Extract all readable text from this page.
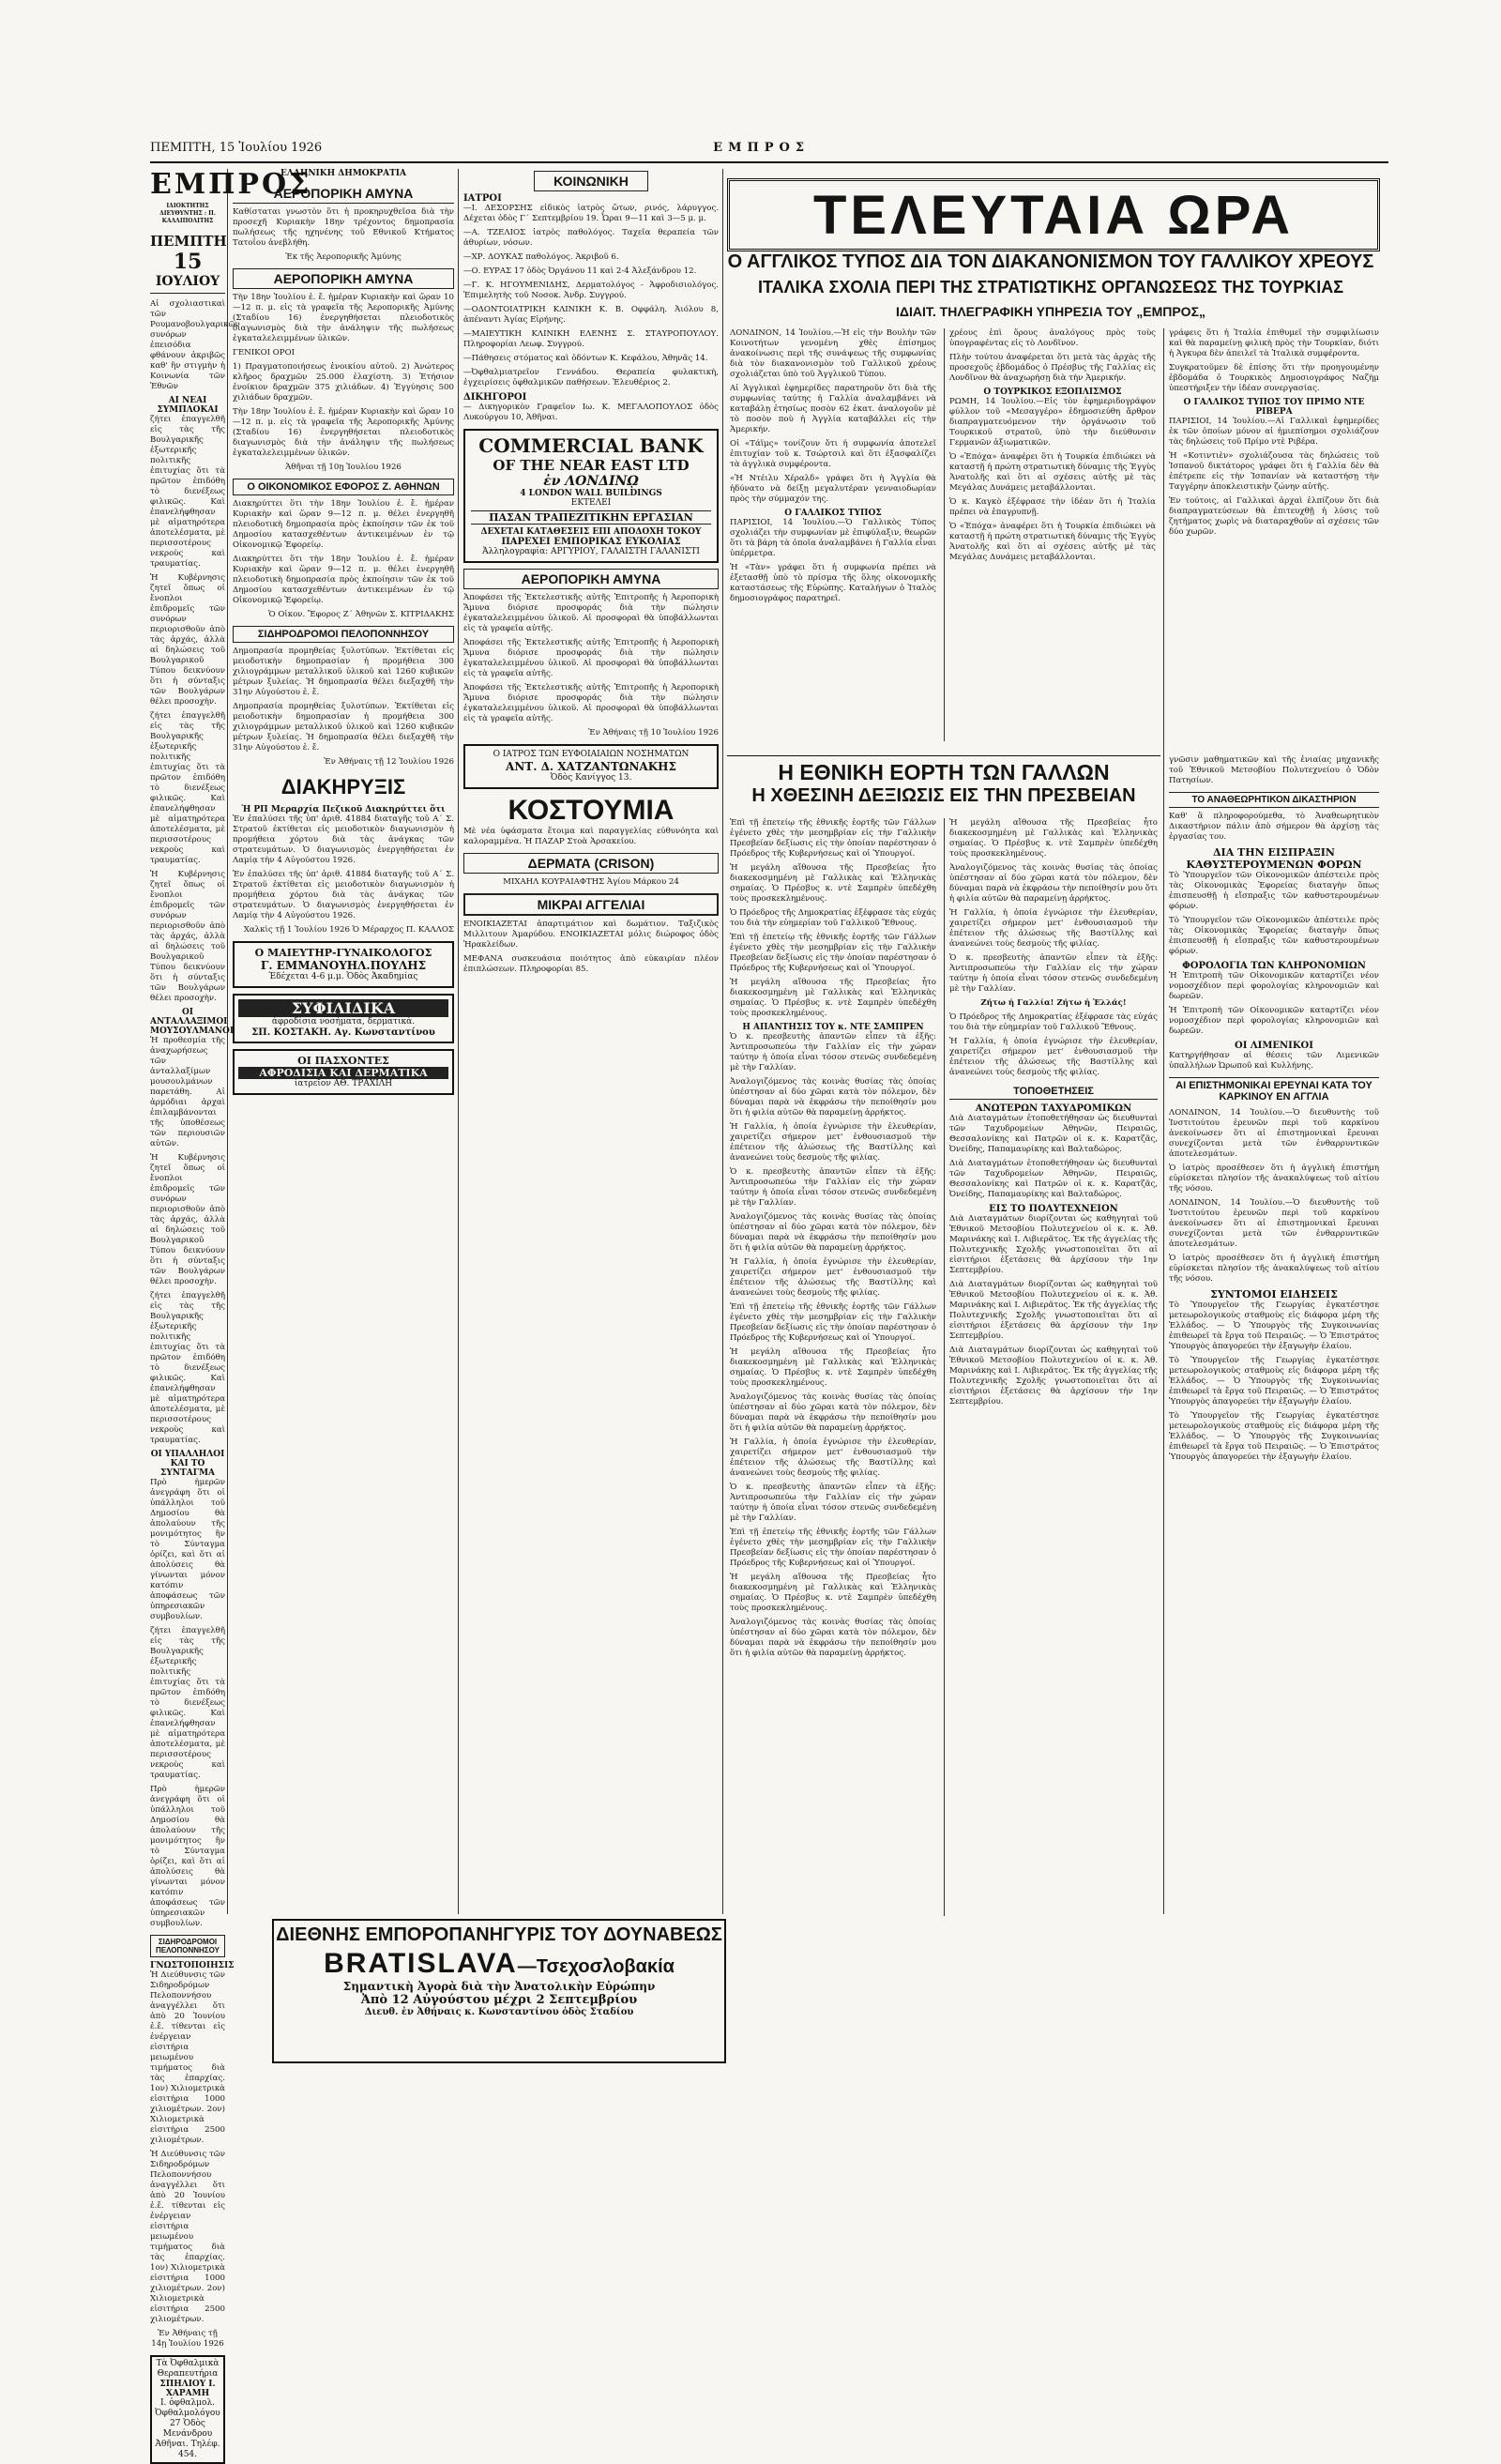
ΠΕΜΠΤΗ, 15 Ἰουλίου 1926	ΕΜΠΡΟΣ
ΕΜΠΡΟΣ
ΙΔΙΟΚΤΗΤΗΣ ΔΙΕΥΘΥΝΤΗΣ : Π. ΚΑΛΛΙΠΟΛΙΤΗΣ
ΠΕΜΠΤΗ
15
ΙΟΥΛΙΟΥ

Αἱ σχολιαστικαὶ τῶν Ρουμανοβουλγαρικῶν συνόρων ἐπεισόδια φθάνουν ἀκριβῶς καθ' ἣν στιγμὴν ἡ Κοινωνία τῶν Ἐθνῶν

ΑΙ ΝΕΑΙ ΣΥΜΠΛΟΚΑΙ

ζήτει ἐπαγγελθῆ εἰς τὰς τῆς Βουλγαρικῆς ἐξωτερικῆς πολιτικῆς ἐπιτυχίας ὅτι τὰ πρῶτον ἐπιδόθη τὸ διενέξεως φιλικῶς. Καὶ ἐπανελήφθησαν μὲ αἱματηρότερα ἀποτελέσματα, μὲ περισσοτέρους νεκροὺς καὶ τραυματίας.

Ἡ Κυβέρνησις ζητεῖ ὅπως οἱ ἔνοπλοι ἐπιδρομεῖς τῶν συνόρων περιορισθοῦν ἀπὸ τὰς ἀρχάς, ἀλλὰ αἱ δηλώσεις τοῦ Βουλγαρικοῦ Τύπου δεικνύουν ὅτι ἡ σύνταξις τῶν Βουλγάρων θέλει προσοχὴν.

ζήτει ἐπαγγελθῆ εἰς τὰς τῆς Βουλγαρικῆς ἐξωτερικῆς πολιτικῆς ἐπιτυχίας ὅτι τὰ πρῶτον ἐπιδόθη τὸ διενέξεως φιλικῶς. Καὶ ἐπανελήφθησαν μὲ αἱματηρότερα ἀποτελέσματα, μὲ περισσοτέρους νεκροὺς καὶ τραυματίας.

Ἡ Κυβέρνησις ζητεῖ ὅπως οἱ ἔνοπλοι ἐπιδρομεῖς τῶν συνόρων περιορισθοῦν ἀπὸ τὰς ἀρχάς, ἀλλὰ αἱ δηλώσεις τοῦ Βουλγαρικοῦ Τύπου δεικνύουν ὅτι ἡ σύνταξις τῶν Βουλγάρων θέλει προσοχὴν.

ΟΙ ΑΝΤΑΛΛΑΞΙΜΟΙ ΜΟΥΣΟΥΛΜΑΝΟΙ

Ἡ προθεσμία τῆς ἀναχωρήσεως τῶν ἀνταλλαξίμων μουσουλμάνων παρετάθη. Αἱ ἀρμόδιαι ἀρχαὶ ἐπιλαμβάνονται τῆς ὑποθέσεως τῶν περιουσιῶν αὐτῶν.

Ἡ Κυβέρνησις ζητεῖ ὅπως οἱ ἔνοπλοι ἐπιδρομεῖς τῶν συνόρων περιορισθοῦν ἀπὸ τὰς ἀρχάς, ἀλλὰ αἱ δηλώσεις τοῦ Βουλγαρικοῦ Τύπου δεικνύουν ὅτι ἡ σύνταξις τῶν Βουλγάρων θέλει προσοχὴν.

ζήτει ἐπαγγελθῆ εἰς τὰς τῆς Βουλγαρικῆς ἐξωτερικῆς πολιτικῆς ἐπιτυχίας ὅτι τὰ πρῶτον ἐπιδόθη τὸ διενέξεως φιλικῶς. Καὶ ἐπανελήφθησαν μὲ αἱματηρότερα ἀποτελέσματα, μὲ περισσοτέρους νεκροὺς καὶ τραυματίας.

ΟΙ ΥΠΑΛΛΗΛΟΙ ΚΑΙ ΤΟ ΣΥΝΤΑΓΜΑ

Πρὸ ἡμερῶν ἀνεγράφη ὅτι οἱ ὑπάλληλοι τοῦ Δημοσίου θὰ ἀπολαύουν τῆς μονιμότητος ἣν τὸ Σύνταγμα ὁρίζει, καὶ ὅτι αἱ ἀπολύσεις θὰ γίνωνται μόνον κατόπιν ἀποφάσεως τῶν ὑπηρεσιακῶν συμβουλίων.

ζήτει ἐπαγγελθῆ εἰς τὰς τῆς Βουλγαρικῆς ἐξωτερικῆς πολιτικῆς ἐπιτυχίας ὅτι τὰ πρῶτον ἐπιδόθη τὸ διενέξεως φιλικῶς. Καὶ ἐπανελήφθησαν μὲ αἱματηρότερα ἀποτελέσματα, μὲ περισσοτέρους νεκροὺς καὶ τραυματίας.

Πρὸ ἡμερῶν ἀνεγράφη ὅτι οἱ ὑπάλληλοι τοῦ Δημοσίου θὰ ἀπολαύουν τῆς μονιμότητος ἣν τὸ Σύνταγμα ὁρίζει, καὶ ὅτι αἱ ἀπολύσεις θὰ γίνωνται μόνον κατόπιν ἀποφάσεως τῶν ὑπηρεσιακῶν συμβουλίων.

ΣΙΔΗΡΟΔΡΟΜΟΙ ΠΕΛΟΠΟΝΝΗΣΟΥ
ΓΝΩΣΤΟΠΟΙΗΣΙΣ

Ἡ Διεύθυνσις τῶν Σιδηροδρόμων Πελοποννήσου ἀναγγέλλει ὅτι ἀπὸ 20 Ἰουνίου ἐ.ἔ. τίθενται εἰς ἐνέργειαν εἰσιτήρια μειωμένου τιμήματος διὰ τὰς ἐπαρχίας. 1ον) Χιλιομετρικὰ εἰσιτήρια 1000 χιλιομέτρων. 2ον) Χιλιομετρικὰ εἰσιτήρια 2500 χιλιομέτρων.

Ἡ Διεύθυνσις τῶν Σιδηροδρόμων Πελοποννήσου ἀναγγέλλει ὅτι ἀπὸ 20 Ἰουνίου ἐ.ἔ. τίθενται εἰς ἐνέργειαν εἰσιτήρια μειωμένου τιμήματος διὰ τὰς ἐπαρχίας. 1ον) Χιλιομετρικὰ εἰσιτήρια 1000 χιλιομέτρων. 2ον) Χιλιομετρικὰ εἰσιτήρια 2500 χιλιομέτρων.

Ἐν Ἀθήναις τῇ 14ῃ Ἰουλίου 1926

Τὰ Ὀφθαλμικὰ Θεραπευτήρια
ΣΠΗΛΙΟΥ Ι. ΧΑΡΑΜΗ
Ι. ὀφθαλμολ. Ὀφθαλμολόγου
27 Ὁδὸς Μενάνδρου Ἀθῆναι. Τηλέφ. 454.
ΕΛΛΗΝΙΚΗ ΔΗΜΟΚΡΑΤΙΑ
ΑΕΡΟΠΟΡΙΚΗ ΑΜΥΝΑ

Καθίσταται γνωστὸν ὅτι ἡ προκηρυχθεῖσα διὰ τὴν προσεχῆ Κυριακὴν 18ην τρέχοντος δημοπρασία πωλήσεως τῆς ηχηνένης τοῦ Εθνικοῦ Κτήματος Τατοΐου ἀνεβλήθη.

Ἐκ τῆς Ἀεροπορικῆς Ἀμύνης

ΑΕΡΟΠΟΡΙΚΗ ΑΜΥΝΑ

Τὴν 18ην Ἰουλίου ἐ. ἔ. ἡμέραν Κυριακὴν καὶ ὥραν 10—12 π. μ. εἰς τὰ γραφεῖα τῆς Ἀεροπορικῆς Ἀμύνης (Σταδίου 16) ἐνεργηθήσεται πλειοδοτικὸς διαγωνισμὸς διὰ τὴν ἀνάληψιν τῆς πωλήσεως ἐγκαταλελειμμένων ὑλικῶν.

ΓΕΝΙΚΟΙ ΟΡΟΙ

1) Πραγματοποιήσεως ἐνοικίου αὐτοῦ. 2) Ἀνώτερος κλῆρος δραχμῶν 25.000 ἐλαχίστη. 3) Ἐτήσιον ἐνοίκιον δραχμῶν 375 χιλιάδων. 4) Ἐγγύησις 500 χιλιάδων δραχμῶν.

Τὴν 18ην Ἰουλίου ἐ. ἔ. ἡμέραν Κυριακὴν καὶ ὥραν 10—12 π. μ. εἰς τὰ γραφεῖα τῆς Ἀεροπορικῆς Ἀμύνης (Σταδίου 16) ἐνεργηθήσεται πλειοδοτικὸς διαγωνισμὸς διὰ τὴν ἀνάληψιν τῆς πωλήσεως ἐγκαταλελειμμένων ὑλικῶν.

Ἀθῆναι τῇ 10ῃ Ἰουλίου 1926

Ο ΟΙΚΟΝΟΜΙΚΟΣ ΕΦΟΡΟΣ Ζ. ΑΘΗΝΩΝ

Διακηρύττει ὅτι τὴν 18ην Ἰουλίου ἐ. ἔ. ἡμέραν Κυριακὴν καὶ ὥραν 9—12 π. μ. θέλει ἐνεργηθῆ πλειοδοτικὴ δημοπρασία πρὸς ἐκποίησιν τῶν ἐκ τοῦ Δημοσίου κατασχεθέντων ἀντικειμένων ἐν τῷ Οἰκονομικῷ Ἐφορείῳ.

Διακηρύττει ὅτι τὴν 18ην Ἰουλίου ἐ. ἔ. ἡμέραν Κυριακὴν καὶ ὥραν 9—12 π. μ. θέλει ἐνεργηθῆ πλειοδοτικὴ δημοπρασία πρὸς ἐκποίησιν τῶν ἐκ τοῦ Δημοσίου κατασχεθέντων ἀντικειμένων ἐν τῷ Οἰκονομικῷ Ἐφορείῳ.

Ὁ Οἰκον. Ἔφορος Ζ΄ Ἀθηνῶν Σ. ΚΙΤΡΙΔΑΚΗΣ

ΣΙΔΗΡΟΔΡΟΜΟΙ ΠΕΛΟΠΟΝΝΗΣΟΥ

Δημοπρασία προμηθείας ξυλοτύπων. Ἐκτίθεται εἰς μειοδοτικὴν δημοπρασίαν ἡ προμήθεια 300 χιλιογράμμων μεταλλικοῦ ὑλικοῦ καὶ 1260 κυβικῶν μέτρων ξυλείας. Ἡ δημοπρασία θέλει διεξαχθῆ τὴν 31ην Αὐγούστου ἐ. ἔ.

Δημοπρασία προμηθείας ξυλοτύπων. Ἐκτίθεται εἰς μειοδοτικὴν δημοπρασίαν ἡ προμήθεια 300 χιλιογράμμων μεταλλικοῦ ὑλικοῦ καὶ 1260 κυβικῶν μέτρων ξυλείας. Ἡ δημοπρασία θέλει διεξαχθῆ τὴν 31ην Αὐγούστου ἐ. ἔ.

Ἐν Ἀθήναις τῇ 12 Ἰουλίου 1926

ΔΙΑΚΗΡΥΞΙΣ
Ἡ ΡΠ Μεραρχία Πεζικοῦ Διακηρύττει ὅτι

Ἐν ἐπαλύσει τῆς ὑπ' ἀριθ. 41884 διαταγῆς τοῦ Α΄ Σ. Στρατοῦ ἐκτίθεται εἰς μειοδοτικὸν διαγωνισμὸν ἡ προμήθεια χόρτου διὰ τὰς ἀνάγκας τῶν στρατευμάτων. Ὁ διαγωνισμὸς ἐνεργηθήσεται ἐν Λαμίᾳ τὴν 4 Αὐγούστου 1926.

Ἐν ἐπαλύσει τῆς ὑπ' ἀριθ. 41884 διαταγῆς τοῦ Α΄ Σ. Στρατοῦ ἐκτίθεται εἰς μειοδοτικὸν διαγωνισμὸν ἡ προμήθεια χόρτου διὰ τὰς ἀνάγκας τῶν στρατευμάτων. Ὁ διαγωνισμὸς ἐνεργηθήσεται ἐν Λαμίᾳ τὴν 4 Αὐγούστου 1926.

Χαλκὶς τῇ 1 Ἰουλίου 1926 Ὁ Μέραρχος Π. ΚΑΛΛΟΣ

Ο ΜΑΙΕΥΤΗΡ-ΓΥΝΑΙΚΟΛΟΓΟΣ
Γ. ΕΜΜΑΝΟΥΗΛ.ΠΟΥΛΗΣ
Ἐδέχεται 4-6 μ.μ. Ὁδὸς Ἀκαδημίας
ΣΥΦΙΛΙΔΙΚΑ
ἀφροδίσια νοσήματα, δερματικὰ.
ΣΠ. ΚΟΣΤΑΚΗ. Αγ. Κωνσταντίνου
ΟΙ ΠΑΣΧΟΝΤΕΣ
ΑΦΡΟΔΙΣΙΑ ΚΑΙ ΔΕΡΜΑΤΙΚΑ
ἰατρεῖον ΑΘ. ΤΡΑΧΙΛΗ
ΚΟΙΝΩΝΙΚΗ
ΙΑΤΡΟΙ

—Ι. ΔΕΣΟΡΣΗΣ εἰδικὸς ἰατρὸς ὤτων, ρινός, λάρυγγος. Δέχεται ὁδὸς Γ΄ Σεπτεμβρίου 19. Ὧραι 9—11 καὶ 3—5 μ. μ.

—Α. ΤΖΕΛΙΟΣ ἰατρὸς παθολόγος. Ταχεῖα θεραπεία τῶν ἀθυρίων, νόσων.

—ΧΡ. ΔΟΥΚΑΣ παθολόγος. Ἀκριβοῦ 6.

—Ο. ΕΥΡΑΣ 17 ὁδὸς Ὀργάνου 11 καὶ 2-4 Ἀλεξάνδρου 12.

—Γ. Κ. ΗΓΟΥΜΕΝΙΔΗΣ, Δερματολόγος - Ἀφροδισιολόγος. Ἐπιμελητὴς τοῦ Νοσοκ. Ἀνδρ. Συγγρού.

—ΟΔΟΝΤΟΙΑΤΡΙΚΗ ΚΛΙΝΙΚΗ Κ. Β. Οφφάλη. Ἀιόλου 8, ἀπέναντι Ἀγίας Εἰρήνης.

—ΜΑΙΕΥΤΙΚΗ ΚΛΙΝΙΚΗ ΕΛΕΝΗΣ Σ. ΣΤΑΥΡΟΠΟΥΛΟΥ. Πληροφορίαι Λεωφ. Συγγρού.

—Πάθησεις στόματος καὶ ὀδόντων Κ. Κεφάλου, Ἀθηνᾶς 14.

—Ὀφθαλμιατρεῖον Γεννάδου. Θεραπεία φυλακτικὴ, ἐγχειρίσεις ὀφθαλμικῶν παθήσεων. Ἐλευθέριος 2.

ΔΙΚΗΓΟΡΟΙ

— Δικηγορικὸν Γραφεῖον Ιω. Κ. ΜΕΓΑΛΟΠΟΥΛΟΣ ὁδὸς Λυκούργου 10, Ἀθῆναι.

COMMERCIAL BANK
OF THE NEAR EAST LTD
ἐν ΛΟΝΔΙΝῼ
4 LONDON WALL BUILDINGS
ΕΚΤΕΛΕΙ
ΠΑΣΑΝ ΤΡΑΠΕΖΙΤΙΚΗΝ ΕΡΓΑΣΙΑΝ
ΔΕΧΕΤΑΙ ΚΑΤΑΘΕΣΕΙΣ ΕΠΙ ΑΠΟΔΟΧΗ ΤΟΚΟΥ
ΠΑΡΕΧΕΙ ΕΜΠΟΡΙΚΑΣ ΕΥΚΟΛΙΑΣ
Ἀλληλογραφία: ΑΡΓΥΡΙΟΥ, ΓΑΛΑΙΣΤΗ ΓΑΛΑΝΙΣΤΙ
ΑΕΡΟΠΟΡΙΚΗ ΑΜΥΝΑ

Ἀποφάσει τῆς Ἐκτελεστικῆς αὐτῆς Ἐπιτροπῆς ἡ Ἀεροπορικὴ Ἄμυνα διόρισε προσφοράς διὰ τὴν πώλησιν ἐγκαταλελειμμένου ὑλικοῦ. Αἱ προσφοραὶ θὰ ὑποβάλλωνται εἰς τὰ γραφεῖα αὐτῆς.

Ἀποφάσει τῆς Ἐκτελεστικῆς αὐτῆς Ἐπιτροπῆς ἡ Ἀεροπορικὴ Ἄμυνα διόρισε προσφοράς διὰ τὴν πώλησιν ἐγκαταλελειμμένου ὑλικοῦ. Αἱ προσφοραὶ θὰ ὑποβάλλωνται εἰς τὰ γραφεῖα αὐτῆς.

Ἀποφάσει τῆς Ἐκτελεστικῆς αὐτῆς Ἐπιτροπῆς ἡ Ἀεροπορικὴ Ἄμυνα διόρισε προσφοράς διὰ τὴν πώλησιν ἐγκαταλελειμμένου ὑλικοῦ. Αἱ προσφοραὶ θὰ ὑποβάλλωνται εἰς τὰ γραφεῖα αὐτῆς.

Ἐν Ἀθήναις τῇ 10 Ἰουλίου 1926

Ο ΙΑΤΡΟΣ ΤΩΝ ΕΥΦΟΙΑΙΑΙΩΝ ΝΟΣΗΜΑΤΩΝ
ΑΝΤ. Δ. ΧΑΤΖΑΝΤΩΝΑΚΗΣ
Ὁδὸς Κανίγγος 13.
ΚΟΣΤΟΥΜΙΑ

Μὲ νέα ὑφάσματα ἕτοιμα καὶ παραγγελίας εὐθυνόητα καὶ καλοραμμένα. Ἡ ΠΑΖΑΡ Στοὰ Ἀρσακείου.

ΔΕΡΜΑΤΑ (CRISON)

ΜΙΧΑΗΛ ΚΟΥΡΑΙΑΦΤΗΣ Ἀγίου Μάρκου 24

ΜΙΚΡΑΙ ΑΓΓΕΛΙΑΙ

ΕΝΟΙΚΙΑΖΕΤΑΙ ἀπαρτιμάτιον καὶ δωμάτιον. Ταξιζικὸς Μιλλιτουν Ἀμαρύδου. ΕΝΟΙΚΙΑΖΕΤΑΙ μόλις διώροφος ὁδὸς Ἡρακλείδων.

ΜΕΦΑΝΑ συσκευάσια ποιότητος ἀπὸ εὐκαιρίαν πλέον ἐπιπλώσεων. Πληροφορίαι 85.

ΤΕΛΕΥΤΑΙΑ ΩΡΑ
Ο ΑΓΓΛΙΚΟΣ ΤΥΠΟΣ ΔΙΑ ΤΟΝ ΔΙΑΚΑΝΟΝΙΣΜΟΝ ΤΟΥ ΓΑΛΛΙΚΟΥ ΧΡΕΟΥΣ
ΙΤΑΛΙΚΑ ΣΧΟΛΙΑ ΠΕΡΙ ΤΗΣ ΣΤΡΑΤΙΩΤΙΚΗΣ ΟΡΓΑΝΩΣΕΩΣ ΤΗΣ ΤΟΥΡΚΙΑΣ
ΙΔΙΑΙΤ. ΤΗΛΕΓΡΑΦΙΚΗ ΥΠΗΡΕΣΙΑ ΤΟΥ „ΕΜΠΡΟΣ„

ΛΟΝΔΙΝΟΝ, 14 Ἰουλίου.—Ἡ εἰς τὴν Βουλὴν τῶν Κοινοτήτων γενομένη χθὲς ἐπίσημος ἀνακοίνωσις περὶ τῆς συνάψεως τῆς συμφωνίας διὰ τὸν διακανονισμὸν τοῦ Γαλλικοῦ χρέους σχολιάζεται ὑπὸ τοῦ Ἀγγλικοῦ Τύπου.

Αἱ Ἀγγλικαὶ ἐφημερίδες παρατηροῦν ὅτι διὰ τῆς συμφωνίας ταύτης ἡ Γαλλία ἀναλαμβάνει νὰ καταβάλῃ ἐτησίως ποσὸν 62 ἑκατ. ἀναλογοῦν μὲ τὸ ποσὸν ποὺ ἡ Ἀγγλία καταβάλλει εἰς τὴν Ἀμερικήν.

Οἱ «Τάϊμς» τονίζουν ὅτι ἡ συμφωνία ἀποτελεῖ ἐπιτυχίαν τοῦ κ. Τσώρτσιλ καὶ ὅτι ἐξασφαλίζει τὰ ἀγγλικὰ συμφέροντα.

«Ἡ Ντέιλυ Χέραλδ» γράφει ὅτι ἡ Ἀγγλία θὰ ἠδύνατο νὰ δείξῃ μεγαλυτέραν γενναιοδωρίαν πρὸς τὴν σύμμαχόν της.

Ο ΓΑΛΛΙΚΟΣ ΤΥΠΟΣ

ΠΑΡΙΣΙΟΙ, 14 Ἰουλίου.—Ὁ Γαλλικὸς Τύπος σχολιάζει τὴν συμφωνίαν μὲ ἐπιφύλαξιν, θεωρῶν ὅτι τὰ βάρη τὰ ὁποῖα ἀναλαμβάνει ἡ Γαλλία εἶναι ὑπέρμετρα.

Ἡ «Τὰν» γράφει ὅτι ἡ συμφωνία πρέπει νὰ ἐξετασθῇ ὑπὸ τὸ πρίσμα τῆς ὅλης οἰκονομικῆς καταστάσεως τῆς Εὐρώπης. Καταλήγων ὁ Ἰταλὸς δημοσιογράφος παρατηρεῖ.

χρέους ἐπὶ ὅρους ἀναλόγους πρὸς τοὺς ὑπογραφέντας εἰς τὸ Λονδῖνον.

Πλὴν τούτου ἀναφέρεται ὅτι μετὰ τὰς ἀρχὰς τῆς προσεχοῦς ἑβδομάδος ὁ Πρέσβυς τῆς Γαλλίας εἰς Λονδῖνον θὰ ἀναχωρήσῃ διὰ τὴν Ἀμερικήν.

Ο ΤΟΥΡΚΙΚΟΣ ΕΞΟΠΛΙΣΜΟΣ

ΡΩΜΗ, 14 Ἰουλίου.—Εἰς τὸν ἐφημεριδογράφον φύλλον τοῦ «Μεσαγγέρο» ἐδημοσιεύθη ἄρθρον διαπραγματευόμενον τὴν ὀργάνωσιν τοῦ Τουρκικοῦ στρατοῦ, ὑπὸ τὴν διεύθυνσιν Γερμανῶν ἀξιωματικῶν.

Ὁ «Ἐπόχα» ἀναφέρει ὅτι ἡ Τουρκία ἐπιδιώκει νὰ καταστῇ ἡ πρώτη στρατιωτικὴ δύναμις τῆς Ἐγγὺς Ἀνατολῆς καὶ ὅτι αἱ σχέσεις αὐτῆς μὲ τὰς Μεγάλας Δυνάμεις μεταβάλλονται.

Ὁ κ. Καγκὸ ἐξέφρασε τὴν ἰδέαν ὅτι ἡ Ἰταλία πρέπει νὰ ἐπαγρυπνῇ.

Ὁ «Ἐπόχα» ἀναφέρει ὅτι ἡ Τουρκία ἐπιδιώκει νὰ καταστῇ ἡ πρώτη στρατιωτικὴ δύναμις τῆς Ἐγγὺς Ἀνατολῆς καὶ ὅτι αἱ σχέσεις αὐτῆς μὲ τὰς Μεγάλας Δυνάμεις μεταβάλλονται.

γράφεις ὅτι ἡ Ἰταλία ἐπιθυμεῖ τὴν συμφιλίωσιν καὶ θὰ παραμείνῃ φιλικὴ πρὸς τὴν Τουρκίαν, διότι ἡ Ἀγκυρα δὲν ἀπειλεῖ τὰ Ἰταλικὰ συμφέροντα.

Συγκρατοῦμεν δὲ ἐπίσης ὅτι τὴν προηγουμένην ἑβδομάδα ὁ Τουρκικὸς Δημοσιογράφος Ναζὴμ ὑπεστήριξεν τὴν ἰδέαν συνεργασίας.

Ο ΓΑΛΛΙΚΟΣ ΤΥΠΟΣ ΤΟΥ ΠΡΙΜΟ ΝΤΕ ΡΙΒΕΡΑ

ΠΑΡΙΣΙΟΙ, 14 Ἰουλίου.—Αἱ Γαλλικαὶ ἐφημερίδες ἐκ τῶν ὁποίων μόνον αἱ ἡμιεπίσημοι σχολιάζουν τὰς δηλώσεις τοῦ Πρίμο ντὲ Ριβέρα.

Ἡ «Κοτιντιὲν» σχολιάζουσα τὰς δηλώσεις τοῦ Ἰσπανοῦ δικτάτορος γράφει ὅτι ἡ Γαλλία δὲν θὰ ἐπέτρεπε εἰς τὴν Ἰσπανίαν νὰ καταστήσῃ τὴν Ταγγέρην ἀποκλειστικὴν ζώνην αὐτῆς.

Ἐν τούτοις, αἱ Γαλλικαὶ ἀρχαὶ ἐλπίζουν ὅτι διὰ διαπραγματεύσεων θὰ ἐπιτευχθῇ ἡ λύσις τοῦ ζητήματος χωρὶς νὰ διαταραχθοῦν αἱ σχέσεις τῶν δύο χωρῶν.

Η ΕΘΝΙΚΗ ΕΟΡΤΗ ΤΩΝ ΓΑΛΛΩΝ
Η ΧΘΕΣΙΝΗ ΔΕΞΙΩΣΙΣ ΕΙΣ ΤΗΝ ΠΡΕΣΒΕΙΑΝ

Ἐπὶ τῇ ἐπετείῳ τῆς ἐθνικῆς ἑορτῆς τῶν Γάλλων ἐγένετο χθὲς τὴν μεσημβρίαν εἰς τὴν Γαλλικὴν Πρεσβείαν δεξίωσις εἰς τὴν ὁποίαν παρέστησαν ὁ Πρόεδρος τῆς Κυβερνήσεως καὶ οἱ Ὑπουργοί.

Ἡ μεγάλη αἴθουσα τῆς Πρεσβείας ἦτο διακεκοσμημένη μὲ Γαλλικὰς καὶ Ἑλληνικὰς σημαίας. Ὁ Πρέσβυς κ. ντὲ Σαμπρὲν ὑπεδέχθη τοὺς προσκεκλημένους.

Ὁ Πρόεδρος τῆς Δημοκρατίας ἐξέφρασε τὰς εὐχάς του διὰ τὴν εὐημερίαν τοῦ Γαλλικοῦ Ἔθνους.

Ἐπὶ τῇ ἐπετείῳ τῆς ἐθνικῆς ἑορτῆς τῶν Γάλλων ἐγένετο χθὲς τὴν μεσημβρίαν εἰς τὴν Γαλλικὴν Πρεσβείαν δεξίωσις εἰς τὴν ὁποίαν παρέστησαν ὁ Πρόεδρος τῆς Κυβερνήσεως καὶ οἱ Ὑπουργοί.

Ἡ μεγάλη αἴθουσα τῆς Πρεσβείας ἦτο διακεκοσμημένη μὲ Γαλλικὰς καὶ Ἑλληνικὰς σημαίας. Ὁ Πρέσβυς κ. ντὲ Σαμπρὲν ὑπεδέχθη τοὺς προσκεκλημένους.

Η ΑΠΑΝΤΗΣΙΣ ΤΟΥ κ. ΝΤΕ ΣΑΜΠΡΕΝ

Ὁ κ. πρεσβευτὴς ἀπαντῶν εἶπεν τὰ ἑξῆς: Ἀντιπροσωπεύω τὴν Γαλλίαν εἰς τὴν χώραν ταύτην ἡ ὁποία εἶναι τόσον στενῶς συνδεδεμένη μὲ τὴν Γαλλίαν.

Ἀναλογιζόμενος τὰς κοινὰς θυσίας τὰς ὁποίας ὑπέστησαν αἱ δύο χῶραι κατὰ τὸν πόλεμον, δὲν δύναμαι παρὰ νὰ ἐκφράσω τὴν πεποίθησίν μου ὅτι ἡ φιλία αὐτῶν θὰ παραμείνῃ ἀρρήκτος.

Ἡ Γαλλία, ἡ ὁποία ἐγνώρισε τὴν ἐλευθερίαν, χαιρετίζει σήμερον μετ' ἐνθουσιασμοῦ τὴν ἐπέτειον τῆς ἀλώσεως τῆς Βαστίλλης καὶ ἀνανεώνει τοὺς δεσμοὺς τῆς φιλίας.

Ὁ κ. πρεσβευτὴς ἀπαντῶν εἶπεν τὰ ἑξῆς: Ἀντιπροσωπεύω τὴν Γαλλίαν εἰς τὴν χώραν ταύτην ἡ ὁποία εἶναι τόσον στενῶς συνδεδεμένη μὲ τὴν Γαλλίαν.

Ἀναλογιζόμενος τὰς κοινὰς θυσίας τὰς ὁποίας ὑπέστησαν αἱ δύο χῶραι κατὰ τὸν πόλεμον, δὲν δύναμαι παρὰ νὰ ἐκφράσω τὴν πεποίθησίν μου ὅτι ἡ φιλία αὐτῶν θὰ παραμείνῃ ἀρρήκτος.

Ἡ Γαλλία, ἡ ὁποία ἐγνώρισε τὴν ἐλευθερίαν, χαιρετίζει σήμερον μετ' ἐνθουσιασμοῦ τὴν ἐπέτειον τῆς ἀλώσεως τῆς Βαστίλλης καὶ ἀνανεώνει τοὺς δεσμοὺς τῆς φιλίας.

Ἐπὶ τῇ ἐπετείῳ τῆς ἐθνικῆς ἑορτῆς τῶν Γάλλων ἐγένετο χθὲς τὴν μεσημβρίαν εἰς τὴν Γαλλικὴν Πρεσβείαν δεξίωσις εἰς τὴν ὁποίαν παρέστησαν ὁ Πρόεδρος τῆς Κυβερνήσεως καὶ οἱ Ὑπουργοί.

Ἡ μεγάλη αἴθουσα τῆς Πρεσβείας ἦτο διακεκοσμημένη μὲ Γαλλικὰς καὶ Ἑλληνικὰς σημαίας. Ὁ Πρέσβυς κ. ντὲ Σαμπρὲν ὑπεδέχθη τοὺς προσκεκλημένους.

Ἀναλογιζόμενος τὰς κοινὰς θυσίας τὰς ὁποίας ὑπέστησαν αἱ δύο χῶραι κατὰ τὸν πόλεμον, δὲν δύναμαι παρὰ νὰ ἐκφράσω τὴν πεποίθησίν μου ὅτι ἡ φιλία αὐτῶν θὰ παραμείνῃ ἀρρήκτος.

Ἡ Γαλλία, ἡ ὁποία ἐγνώρισε τὴν ἐλευθερίαν, χαιρετίζει σήμερον μετ' ἐνθουσιασμοῦ τὴν ἐπέτειον τῆς ἀλώσεως τῆς Βαστίλλης καὶ ἀνανεώνει τοὺς δεσμοὺς τῆς φιλίας.

Ὁ κ. πρεσβευτὴς ἀπαντῶν εἶπεν τὰ ἑξῆς: Ἀντιπροσωπεύω τὴν Γαλλίαν εἰς τὴν χώραν ταύτην ἡ ὁποία εἶναι τόσον στενῶς συνδεδεμένη μὲ τὴν Γαλλίαν.

Ἐπὶ τῇ ἐπετείῳ τῆς ἐθνικῆς ἑορτῆς τῶν Γάλλων ἐγένετο χθὲς τὴν μεσημβρίαν εἰς τὴν Γαλλικὴν Πρεσβείαν δεξίωσις εἰς τὴν ὁποίαν παρέστησαν ὁ Πρόεδρος τῆς Κυβερνήσεως καὶ οἱ Ὑπουργοί.

Ἡ μεγάλη αἴθουσα τῆς Πρεσβείας ἦτο διακεκοσμημένη μὲ Γαλλικὰς καὶ Ἑλληνικὰς σημαίας. Ὁ Πρέσβυς κ. ντὲ Σαμπρὲν ὑπεδέχθη τοὺς προσκεκλημένους.

Ἀναλογιζόμενος τὰς κοινὰς θυσίας τὰς ὁποίας ὑπέστησαν αἱ δύο χῶραι κατὰ τὸν πόλεμον, δὲν δύναμαι παρὰ νὰ ἐκφράσω τὴν πεποίθησίν μου ὅτι ἡ φιλία αὐτῶν θὰ παραμείνῃ ἀρρήκτος.

Ἡ μεγάλη αἴθουσα τῆς Πρεσβείας ἦτο διακεκοσμημένη μὲ Γαλλικὰς καὶ Ἑλληνικὰς σημαίας. Ὁ Πρέσβυς κ. ντὲ Σαμπρὲν ὑπεδέχθη τοὺς προσκεκλημένους.

Ἀναλογιζόμενος τὰς κοινὰς θυσίας τὰς ὁποίας ὑπέστησαν αἱ δύο χῶραι κατὰ τὸν πόλεμον, δὲν δύναμαι παρὰ νὰ ἐκφράσω τὴν πεποίθησίν μου ὅτι ἡ φιλία αὐτῶν θὰ παραμείνῃ ἀρρήκτος.

Ἡ Γαλλία, ἡ ὁποία ἐγνώρισε τὴν ἐλευθερίαν, χαιρετίζει σήμερον μετ' ἐνθουσιασμοῦ τὴν ἐπέτειον τῆς ἀλώσεως τῆς Βαστίλλης καὶ ἀνανεώνει τοὺς δεσμοὺς τῆς φιλίας.

Ὁ κ. πρεσβευτὴς ἀπαντῶν εἶπεν τὰ ἑξῆς: Ἀντιπροσωπεύω τὴν Γαλλίαν εἰς τὴν χώραν ταύτην ἡ ὁποία εἶναι τόσον στενῶς συνδεδεμένη μὲ τὴν Γαλλίαν.

Ζήτω ἡ Γαλλία! Ζήτω ἡ Ἑλλάς!

Ὁ Πρόεδρος τῆς Δημοκρατίας ἐξέφρασε τὰς εὐχάς του διὰ τὴν εὐημερίαν τοῦ Γαλλικοῦ Ἔθνους.

Ἡ Γαλλία, ἡ ὁποία ἐγνώρισε τὴν ἐλευθερίαν, χαιρετίζει σήμερον μετ' ἐνθουσιασμοῦ τὴν ἐπέτειον τῆς ἀλώσεως τῆς Βαστίλλης καὶ ἀνανεώνει τοὺς δεσμοὺς τῆς φιλίας.

ΤΟΠΟΘΕΤΗΣΕΙΣ
ΑΝΩΤΕΡΩΝ ΤΑΧΥΔΡΟΜΙΚΩΝ

Διὰ Διαταγμάτων ἐτοποθετήθησαν ὡς διευθυνταὶ τῶν Ταχυδρομείων Ἀθηνῶν, Πειραιῶς, Θεσσαλονίκης καὶ Πατρῶν οἱ κ. κ. Καρατζᾶς, Ὀνείδης, Παπαμαυρίκης καὶ Βαλταδώρος.

Διὰ Διαταγμάτων ἐτοποθετήθησαν ὡς διευθυνταὶ τῶν Ταχυδρομείων Ἀθηνῶν, Πειραιῶς, Θεσσαλονίκης καὶ Πατρῶν οἱ κ. κ. Καρατζᾶς, Ὀνείδης, Παπαμαυρίκης καὶ Βαλταδώρος.

ΕΙΣ ΤΟ ΠΟΛΥΤΕΧΝΕΙΟΝ

Διὰ Διαταγμάτων διορίζονται ὡς καθηγηταὶ τοῦ Ἐθνικοῦ Μετσοβίου Πολυτεχνείου οἱ κ. κ. Ἀθ. Μαρινάκης καὶ Ι. Λιβιερᾶτος. Ἐκ τῆς ἀγγελίας τῆς Πολυτεχνικῆς Σχολῆς γνωστοποιεῖται ὅτι αἱ εἰσιτήριοι ἐξετάσεις θὰ ἀρχίσουν τὴν 1ην Σεπτεμβρίου.

Διὰ Διαταγμάτων διορίζονται ὡς καθηγηταὶ τοῦ Ἐθνικοῦ Μετσοβίου Πολυτεχνείου οἱ κ. κ. Ἀθ. Μαρινάκης καὶ Ι. Λιβιερᾶτος. Ἐκ τῆς ἀγγελίας τῆς Πολυτεχνικῆς Σχολῆς γνωστοποιεῖται ὅτι αἱ εἰσιτήριοι ἐξετάσεις θὰ ἀρχίσουν τὴν 1ην Σεπτεμβρίου.

Διὰ Διαταγμάτων διορίζονται ὡς καθηγηταὶ τοῦ Ἐθνικοῦ Μετσοβίου Πολυτεχνείου οἱ κ. κ. Ἀθ. Μαρινάκης καὶ Ι. Λιβιερᾶτος. Ἐκ τῆς ἀγγελίας τῆς Πολυτεχνικῆς Σχολῆς γνωστοποιεῖται ὅτι αἱ εἰσιτήριοι ἐξετάσεις θὰ ἀρχίσουν τὴν 1ην Σεπτεμβρίου.

γνῶσιν μαθηματικῶν καὶ τῆς ἑνιαίας μηχανικῆς τοῦ Ἐθνικοῦ Μετσοβίου Πολυτεχνείου ὁ Ὁδὸν Πατησίων.

ΤΟ ΑΝΑΘΕΩΡΗΤΙΚΟΝ ΔΙΚΑΣΤΗΡΙΟΝ

Καθ' ἃ πληροφορούμεθα, τὸ Ἀναθεωρητικὸν Δικαστήριον πάλιν ἀπὸ σήμερον θὰ ἀρχίσῃ τὰς ἐργασίας του.

ΔΙΑ ΤΗΝ ΕΙΣΠΡΑΞΙΝ ΚΑΘΥΣΤΕΡΟΥΜΕΝΩΝ ΦΟΡΩΝ

Τὸ Ὑπουργεῖον τῶν Οἰκονομικῶν ἀπέστειλε πρὸς τὰς Οἰκονομικὰς Ἐφορείας διαταγὴν ὅπως ἐπισπευσθῇ ἡ εἴσπραξις τῶν καθυστερουμένων φόρων.

Τὸ Ὑπουργεῖον τῶν Οἰκονομικῶν ἀπέστειλε πρὸς τὰς Οἰκονομικὰς Ἐφορείας διαταγὴν ὅπως ἐπισπευσθῇ ἡ εἴσπραξις τῶν καθυστερουμένων φόρων.

ΦΟΡΟΛΟΓΙΑ ΤΩΝ ΚΛΗΡΟΝΟΜΙΩΝ

Ἡ Ἐπιτροπὴ τῶν Οἰκονομικῶν καταρτίζει νέον νομοσχέδιον περὶ φορολογίας κληρονομιῶν καὶ δωρεῶν.

Ἡ Ἐπιτροπὴ τῶν Οἰκονομικῶν καταρτίζει νέον νομοσχέδιον περὶ φορολογίας κληρονομιῶν καὶ δωρεῶν.

ΟΙ ΛΙΜΕΝΙΚΟΙ

Κατηργήθησαν αἱ θέσεις τῶν Λιμενικῶν ὑπαλλήλων Ὠρωποῦ καὶ Κυλλήνης.

ΑΙ ΕΠΙΣΤΗΜΟΝΙΚΑΙ ΕΡΕΥΝΑΙ ΚΑΤΑ ΤΟΥ ΚΑΡΚΙΝΟΥ ΕΝ ΑΓΓΛΙΑ

ΛΟΝΔΙΝΟΝ, 14 Ἰουλίου.—Ὁ διευθυντὴς τοῦ Ἰνστιτούτου ἐρευνῶν περὶ τοῦ καρκίνου ἀνεκοίνωσεν ὅτι αἱ ἐπιστημονικαὶ ἔρευναι συνεχίζονται μετὰ τῶν ἐνθαρρυντικῶν ἀποτελεσμάτων.

Ὁ ἰατρὸς προσέθεσεν ὅτι ἡ ἀγγλικὴ ἐπιστήμη εὑρίσκεται πλησίον τῆς ἀνακαλύψεως τοῦ αἰτίου τῆς νόσου.

ΛΟΝΔΙΝΟΝ, 14 Ἰουλίου.—Ὁ διευθυντὴς τοῦ Ἰνστιτούτου ἐρευνῶν περὶ τοῦ καρκίνου ἀνεκοίνωσεν ὅτι αἱ ἐπιστημονικαὶ ἔρευναι συνεχίζονται μετὰ τῶν ἐνθαρρυντικῶν ἀποτελεσμάτων.

Ὁ ἰατρὸς προσέθεσεν ὅτι ἡ ἀγγλικὴ ἐπιστήμη εὑρίσκεται πλησίον τῆς ἀνακαλύψεως τοῦ αἰτίου τῆς νόσου.

ΣΥΝΤΟΜΟΙ ΕΙΔΗΣΕΙΣ

Τὸ Ὑπουργεῖον τῆς Γεωργίας ἐγκατέστησε μετεωρολογικοὺς σταθμοὺς εἰς διάφορα μέρη τῆς Ἑλλάδος. — Ὁ Ὑπουργὸς τῆς Συγκοινωνίας ἐπιθεωρεῖ τὰ ἔργα τοῦ Πειραιῶς. — Ὁ Ἐπιστράτος Ὑπουργὸς ἀπαγορεύει τὴν ἐξαγωγὴν ἐλαίου.

Τὸ Ὑπουργεῖον τῆς Γεωργίας ἐγκατέστησε μετεωρολογικοὺς σταθμοὺς εἰς διάφορα μέρη τῆς Ἑλλάδος. — Ὁ Ὑπουργὸς τῆς Συγκοινωνίας ἐπιθεωρεῖ τὰ ἔργα τοῦ Πειραιῶς. — Ὁ Ἐπιστράτος Ὑπουργὸς ἀπαγορεύει τὴν ἐξαγωγὴν ἐλαίου.

Τὸ Ὑπουργεῖον τῆς Γεωργίας ἐγκατέστησε μετεωρολογικοὺς σταθμοὺς εἰς διάφορα μέρη τῆς Ἑλλάδος. — Ὁ Ὑπουργὸς τῆς Συγκοινωνίας ἐπιθεωρεῖ τὰ ἔργα τοῦ Πειραιῶς. — Ὁ Ἐπιστράτος Ὑπουργὸς ἀπαγορεύει τὴν ἐξαγωγὴν ἐλαίου.

ΔΙΕΘΝΗΣ ΕΜΠΟΡΟΠΑΝΗΓΥΡΙΣ ΤΟΥ ΔΟΥΝΑΒΕΩΣ
BRATISLAVA—Τσεχοσλοβακία
Σημαντικὴ Ἀγορὰ διὰ τὴν Ἀνατολικὴν Εὐρώπην
Ἀπὸ 12 Αὐγούστου μέχρι 2 Σεπτεμβρίου
Διευθ. ἐν Ἀθήναις κ. Κωνσταντίνου ὁδὸς Σταδίου
